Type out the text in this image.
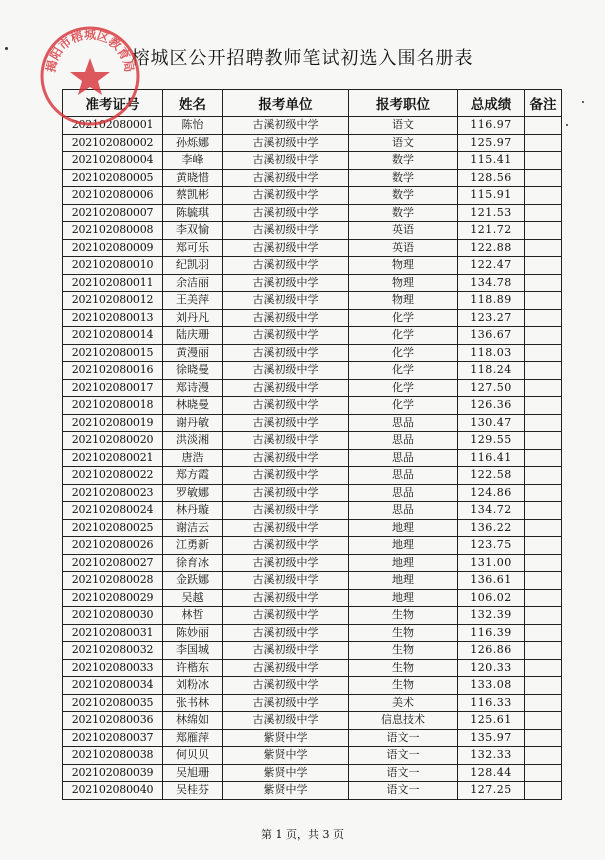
榕城区公开招聘教师笔试初选入围名册表
准考证号	姓名	报考单位	报考职位	总成绩	备注
202102080001	陈怡	古溪初级中学	语文	116.97	
202102080002	孙烁娜	古溪初级中学	语文	125.97	
202102080004	李峰	古溪初级中学	数学	115.41	
202102080005	黄晓惜	古溪初级中学	数学	128.56	
202102080006	蔡凯彬	古溪初级中学	数学	115.91	
202102080007	陈毓琪	古溪初级中学	数学	121.53	
202102080008	李双愉	古溪初级中学	英语	121.72	
202102080009	郑可乐	古溪初级中学	英语	122.88	
202102080010	纪凯羽	古溪初级中学	物理	122.47	
202102080011	余洁丽	古溪初级中学	物理	134.78	
202102080012	王美萍	古溪初级中学	物理	118.89	
202102080013	刘丹凡	古溪初级中学	化学	123.27	
202102080014	陆庆珊	古溪初级中学	化学	136.67	
202102080015	黄漫丽	古溪初级中学	化学	118.03	
202102080016	徐晓曼	古溪初级中学	化学	118.24	
202102080017	郑诗漫	古溪初级中学	化学	127.50	
202102080018	林晓曼	古溪初级中学	化学	126.36	
202102080019	谢丹敏	古溪初级中学	思品	130.47	
202102080020	洪淡湘	古溪初级中学	思品	129.55	
202102080021	唐浩	古溪初级中学	思品	116.41	
202102080022	郑方霞	古溪初级中学	思品	122.58	
202102080023	罗敏娜	古溪初级中学	思品	124.86	
202102080024	林丹璇	古溪初级中学	思品	134.72	
202102080025	谢洁云	古溪初级中学	地理	136.22	
202102080026	江勇新	古溪初级中学	地理	123.75	
202102080027	徐育冰	古溪初级中学	地理	131.00	
202102080028	金跃娜	古溪初级中学	地理	136.61	
202102080029	吴越	古溪初级中学	地理	106.02	
202102080030	林哲	古溪初级中学	生物	132.39	
202102080031	陈妙丽	古溪初级中学	生物	116.39	
202102080032	李国城	古溪初级中学	生物	126.86	
202102080033	许楷东	古溪初级中学	生物	120.33	
202102080034	刘粉冰	古溪初级中学	生物	133.08	
202102080035	张书林	古溪初级中学	美术	116.33	
202102080036	林绵如	古溪初级中学	信息技术	125.61	
202102080037	郑雁萍	紫贤中学	语文一	135.97	
202102080038	何贝贝	紫贤中学	语文一	132.33	
202102080039	吴旭珊	紫贤中学	语文一	128.44	
202102080040	吴桂芬	紫贤中学	语文一	127.25	
第 1 页，共 3 页
揭阳市榕城区教育局
